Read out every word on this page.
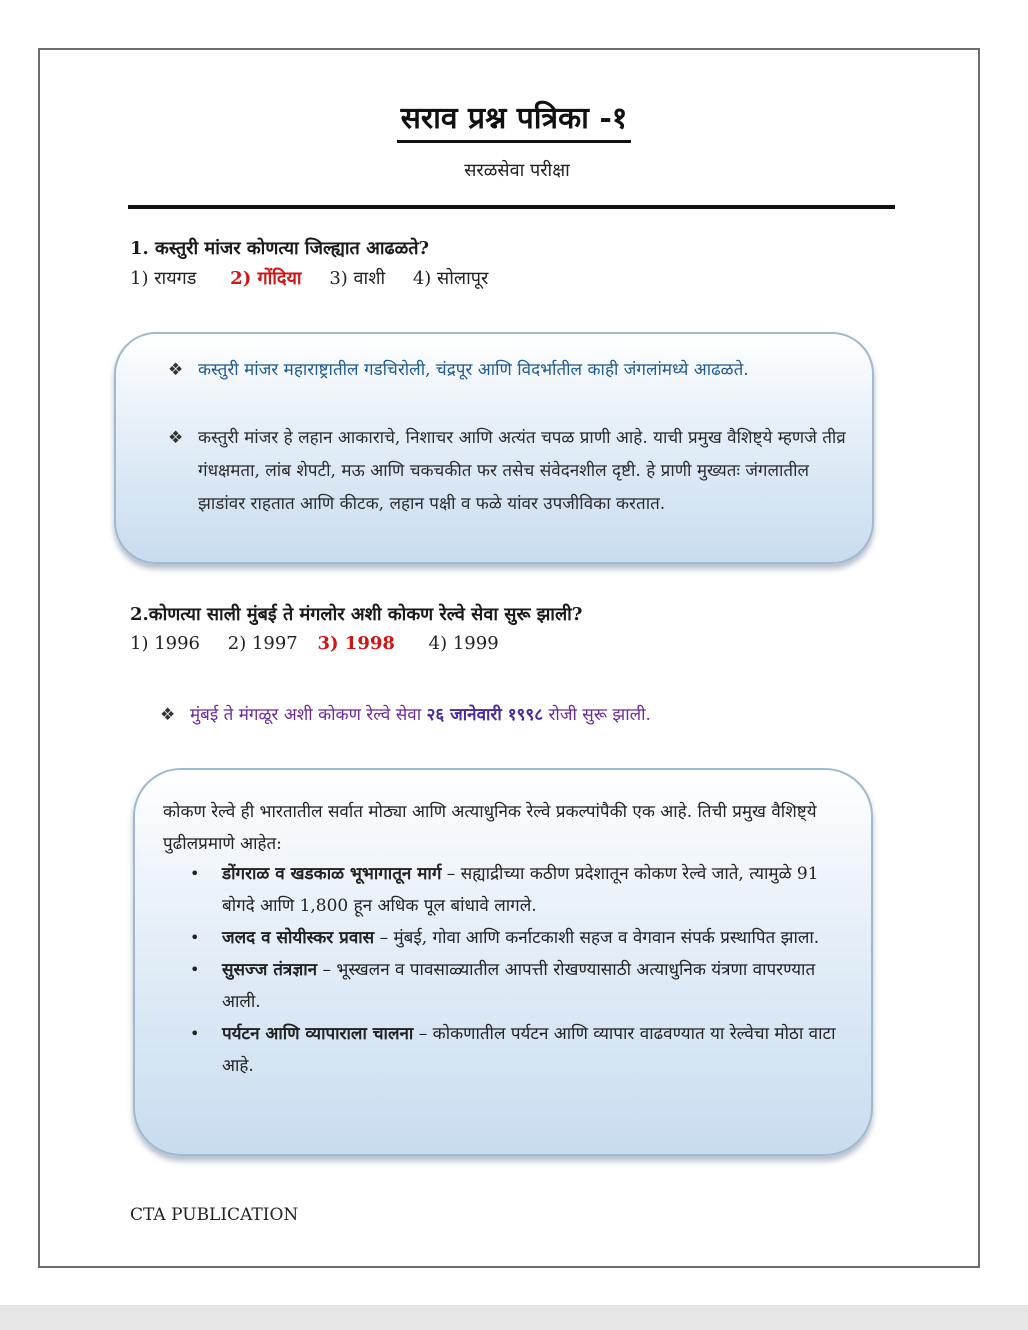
सराव प्रश्न पत्रिका -१
सरळसेवा परीक्षा
1. कस्तुरी मांजर कोणत्या जिल्ह्यात आढळते?
1) रायगड 2) गोंदिया 3) वाशी 4) सोलापूर
❖ कस्तुरी मांजर महाराष्ट्रातील गडचिरोली, चंद्रपूर आणि विदर्भातील काही जंगलांमध्ये आढळते.
❖ कस्तुरी मांजर हे लहान आकाराचे, निशाचर आणि अत्यंत चपळ प्राणी आहे. याची प्रमुख वैशिष्ट्ये म्हणजे तीव्र गंधक्षमता, लांब शेपटी, मऊ आणि चकचकीत फर तसेच संवेदनशील दृष्टी. हे प्राणी मुख्यतः जंगलातील झाडांवर राहतात आणि कीटक, लहान पक्षी व फळे यांवर उपजीविका करतात.
2.कोणत्या साली मुंबई ते मंगलोर अशी कोकण रेल्वे सेवा सुरू झाली?
1) 1996 2) 1997 3) 1998 4) 1999
❖ मुंबई ते मंगळूर अशी कोकण रेल्वे सेवा २६ जानेवारी १९९८ रोजी सुरू झाली.
कोकण रेल्वे ही भारतातील सर्वात मोठ्या आणि अत्याधुनिक रेल्वे प्रकल्पांपैकी एक आहे. तिची प्रमुख वैशिष्ट्ये पुढीलप्रमाणे आहेत:
• डोंगराळ व खडकाळ भूभागातून मार्ग – सह्याद्रीच्या कठीण प्रदेशातून कोकण रेल्वे जाते, त्यामुळे 91 बोगदे आणि 1,800 हून अधिक पूल बांधावे लागले.
• जलद व सोयीस्कर प्रवास – मुंबई, गोवा आणि कर्नाटकाशी सहज व वेगवान संपर्क प्रस्थापित झाला.
• सुसज्ज तंत्रज्ञान – भूस्खलन व पावसाळ्यातील आपत्ती रोखण्यासाठी अत्याधुनिक यंत्रणा वापरण्यात आली.
• पर्यटन आणि व्यापाराला चालना – कोकणातील पर्यटन आणि व्यापार वाढवण्यात या रेल्वेचा मोठा वाटा आहे.
CTA PUBLICATION
